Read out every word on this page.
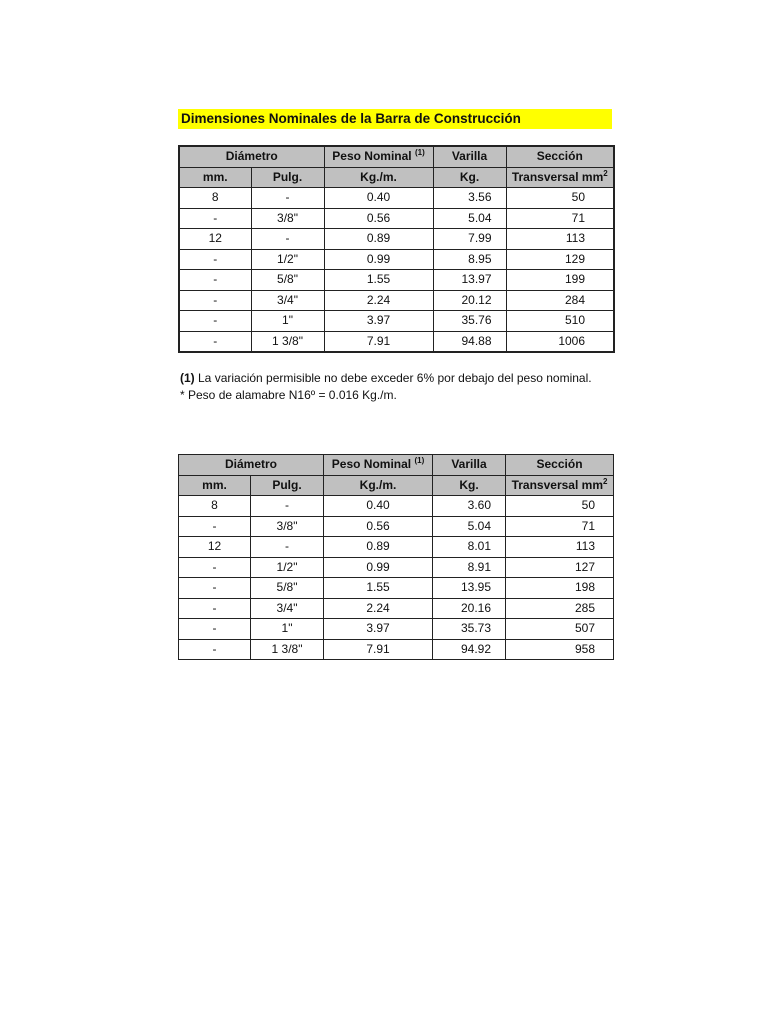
Dimensiones Nominales de la Barra de Construcción
Diámetro		Peso Nominal $^{(1)}$	Varilla	Sección
mm.	Pulg.	Kg./m.	Kg.	Transversal $mm^2$
8	-	0.40	3.56	50
-	3/8"	0.56	5.04	71
12	-	0.89	7.99	113
-	1/2"	0.99	8.95	129
-	5/8"	1.55	13.97	199
-	3/4"	2.24	20.12	284
-	1"	3.97	35.76	510
-	1 3/8"	7.91	94.88	1006
(1) La variación permisible no debe exceder 6% por debajo del peso nominal.
* Peso de alamabre N16º = 0.016 Kg./m.
Diámetro		Peso Nominal $^{(1)}$	Varilla	Sección
mm.	Pulg.	Kg./m.	Kg.	Transversal $mm^2$
8	-	0.40	3.60	50
-	3/8"	0.56	5.04	71
12	-	0.89	8.01	113
-	1/2"	0.99	8.91	127
-	5/8"	1.55	13.95	198
-	3/4"	2.24	20.16	285
-	1"	3.97	35.73	507
-	1 3/8"	7.91	94.92	958
